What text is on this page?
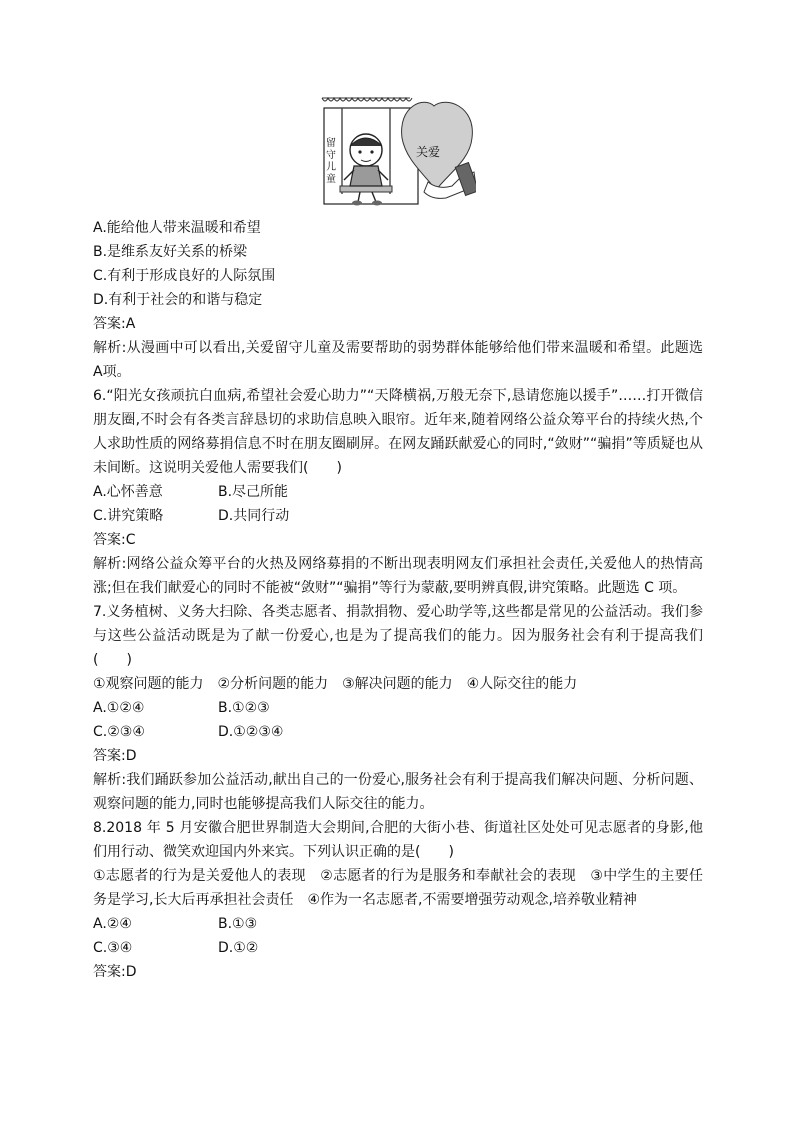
留
守
儿
童
关爱
A.能给他人带来温暖和希望
B.是维系友好关系的桥梁
C.有利于形成良好的人际氛围
D.有利于社会的和谐与稳定
答案:A
解析:从漫画中可以看出,关爱留守儿童及需要帮助的弱势群体能够给他们带来温暖和希望。此题选 A项。
6.“阳光女孩顽抗白血病,希望社会爱心助力”“天降横祸,万般无奈下,恳请您施以援手”……打开微信朋友圈,不时会有各类言辞恳切的求助信息映入眼帘。近年来,随着网络公益众筹平台的持续火热,个人求助性质的网络募捐信息不时在朋友圈刷屏。在网友踊跃献爱心的同时,“敛财”“骗捐”等质疑也从未间断。这说明关爱他人需要我们(　　)
A.心怀善意	B.尽己所能
C.讲究策略	D.共同行动
答案:C
解析:网络公益众筹平台的火热及网络募捐的不断出现表明网友们承担社会责任,关爱他人的热情高涨;但在我们献爱心的同时不能被“敛财”“骗捐”等行为蒙蔽,要明辨真假,讲究策略。此题选 C 项。
7.义务植树、义务大扫除、各类志愿者、捐款捐物、爱心助学等,这些都是常见的公益活动。我们参与这些公益活动既是为了献一份爱心,也是为了提高我们的能力。因为服务社会有利于提高我们(　　)
①观察问题的能力　②分析问题的能力　③解决问题的能力　④人际交往的能力
A.①②④	B.①②③
C.②③④	D.①②③④
答案:D
解析:我们踊跃参加公益活动,献出自己的一份爱心,服务社会有利于提高我们解决问题、分析问题、观察问题的能力,同时也能够提高我们人际交往的能力。
8.2018 年 5 月安徽合肥世界制造大会期间,合肥的大街小巷、街道社区处处可见志愿者的身影,他们用行动、微笑欢迎国内外来宾。下列认识正确的是(　　)
①志愿者的行为是关爱他人的表现　②志愿者的行为是服务和奉献社会的表现　③中学生的主要任务是学习,长大后再承担社会责任　④作为一名志愿者,不需要增强劳动观念,培养敬业精神
A.②④	B.①③
C.③④	D.①②
答案:D
